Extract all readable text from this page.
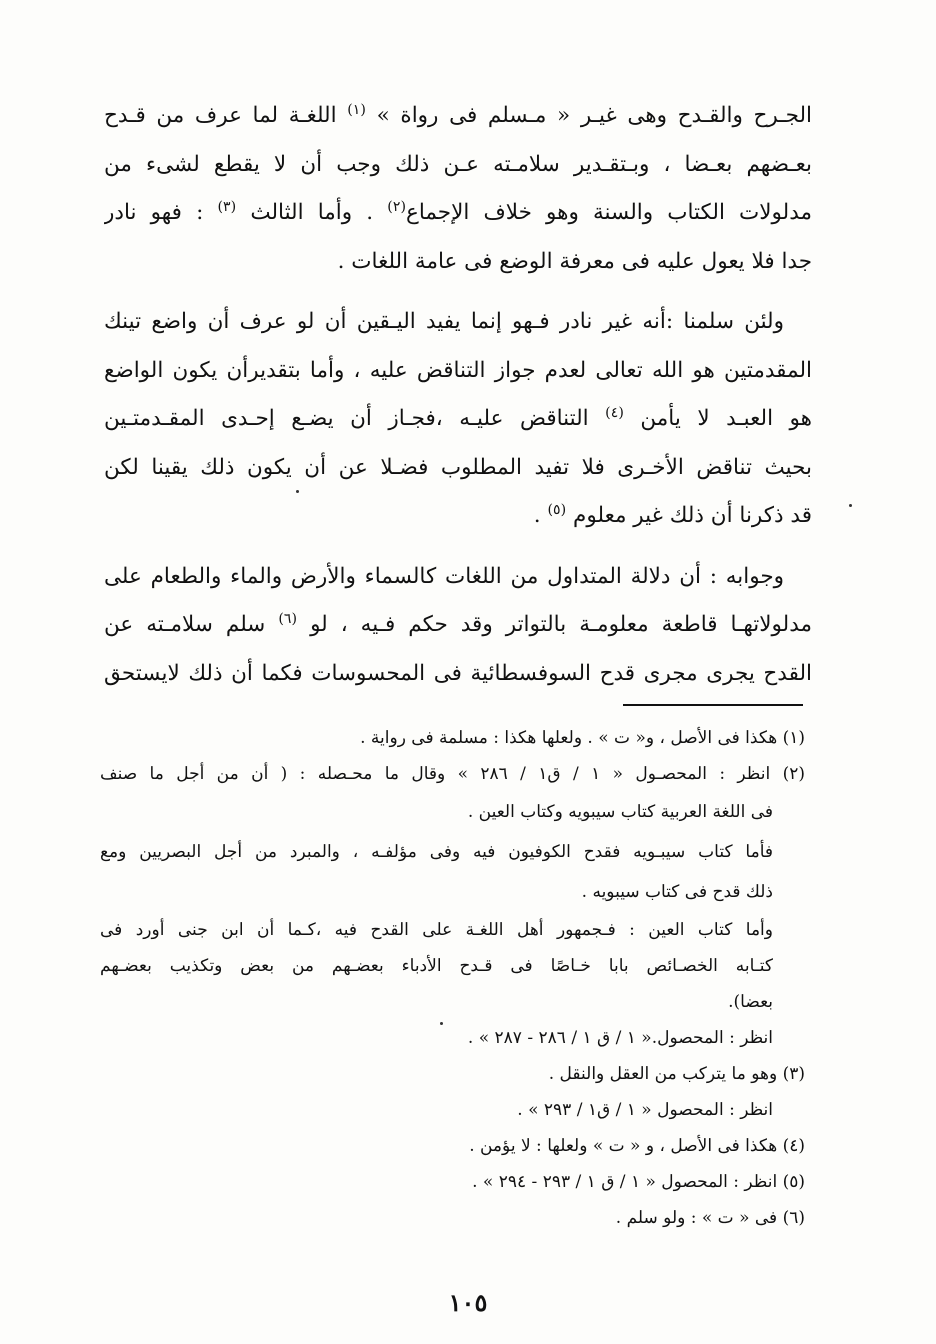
الجـرح والقـدح وهى غيـر « مـسلم فى رواة » $^{(١)}$ اللغـة لما عرف من قـدح
بعـضهم بعـضا ، وبـتقـدير سلامـته عـن ذلك وجب أن لا يقطع لشىء من
مدلولات الكتاب والسنة وهو خلاف الإجماع$^{(٢)}$ . وأما الثالث $^{(٣)}$ : فهو نادر
جدا فلا يعول عليه فى معرفة الوضع فى عامة اللغات .
ولئن سلمنا :أنه غير نادر فـهو إنما يفيد اليـقين أن لو عرف أن واضع تينك
المقدمتين هو الله تعالى لعدم جواز التناقض عليه ، وأما بتقديرأن يكون الواضع
هو العبـد لا يأمن $^{(٤)}$ التناقض عليـه ،فجـاز أن يضـع إحـدى المقـدمتـين
بحيث تناقض الأخـرى فلا تفيد المطلوب فضـلا عن أن يكون ذلك يقينا لكن
قد ذكرنا أن ذلك غير معلوم $^{(٥)}$ .
وجوابه : أن دلالة المتداول من اللغات كالسماء والأرض والماء والطعام على
مدلولاتهـا قاطعة معلومـة بالتواتر وقد حكم فـيه ، لو $^{(٦)}$ سلم سلامـته عن
القدح يجرى مجرى قدح السوفسطائية فى المحسوسات فكما أن ذلك لايستحق
(١) هكذا فى الأصل ، و« ت » . ولعلها هكذا : مسلمة فى رواية .
(٢) انظر : المحصـول « ١ / ق١ / ٢٨٦ » وقال ما محـصله : ( أن من أجل ما صنف
فى اللغة العربية كتاب سيبويه وكتاب العين .
فأما كتاب سيبـويه فقدح الكوفيون فيه وفى مؤلفـه ، والمبرد من أجل البصريين ومع
ذلك قدح فى كتاب سيبويه .
وأما كتاب العين : فـجمهور أهل اللغـة على القدح فيه ،كـما أن ابن جنى أورد فى
كتـابه الخصـائص بابا خـاصًا فى قـدح الأدباء بعضـهم من بعض وتكذيب بعضـهم
بعضا).
انظر : المحصول.« ١ / ق ١ / ٢٨٦ - ٢٨٧ » .
(٣) وهو ما يتركب من العقل والنقل .
انظر : المحصول « ١ / ق١ / ٢٩٣ » .
(٤) هكذا فى الأصل ، و « ت » ولعلها : لا يؤمن .
(٥) انظر : المحصول « ١ / ق ١ / ٢٩٣ - ٢٩٤ » .
(٦) فى « ت » : ولو سلم .
١٠٥
